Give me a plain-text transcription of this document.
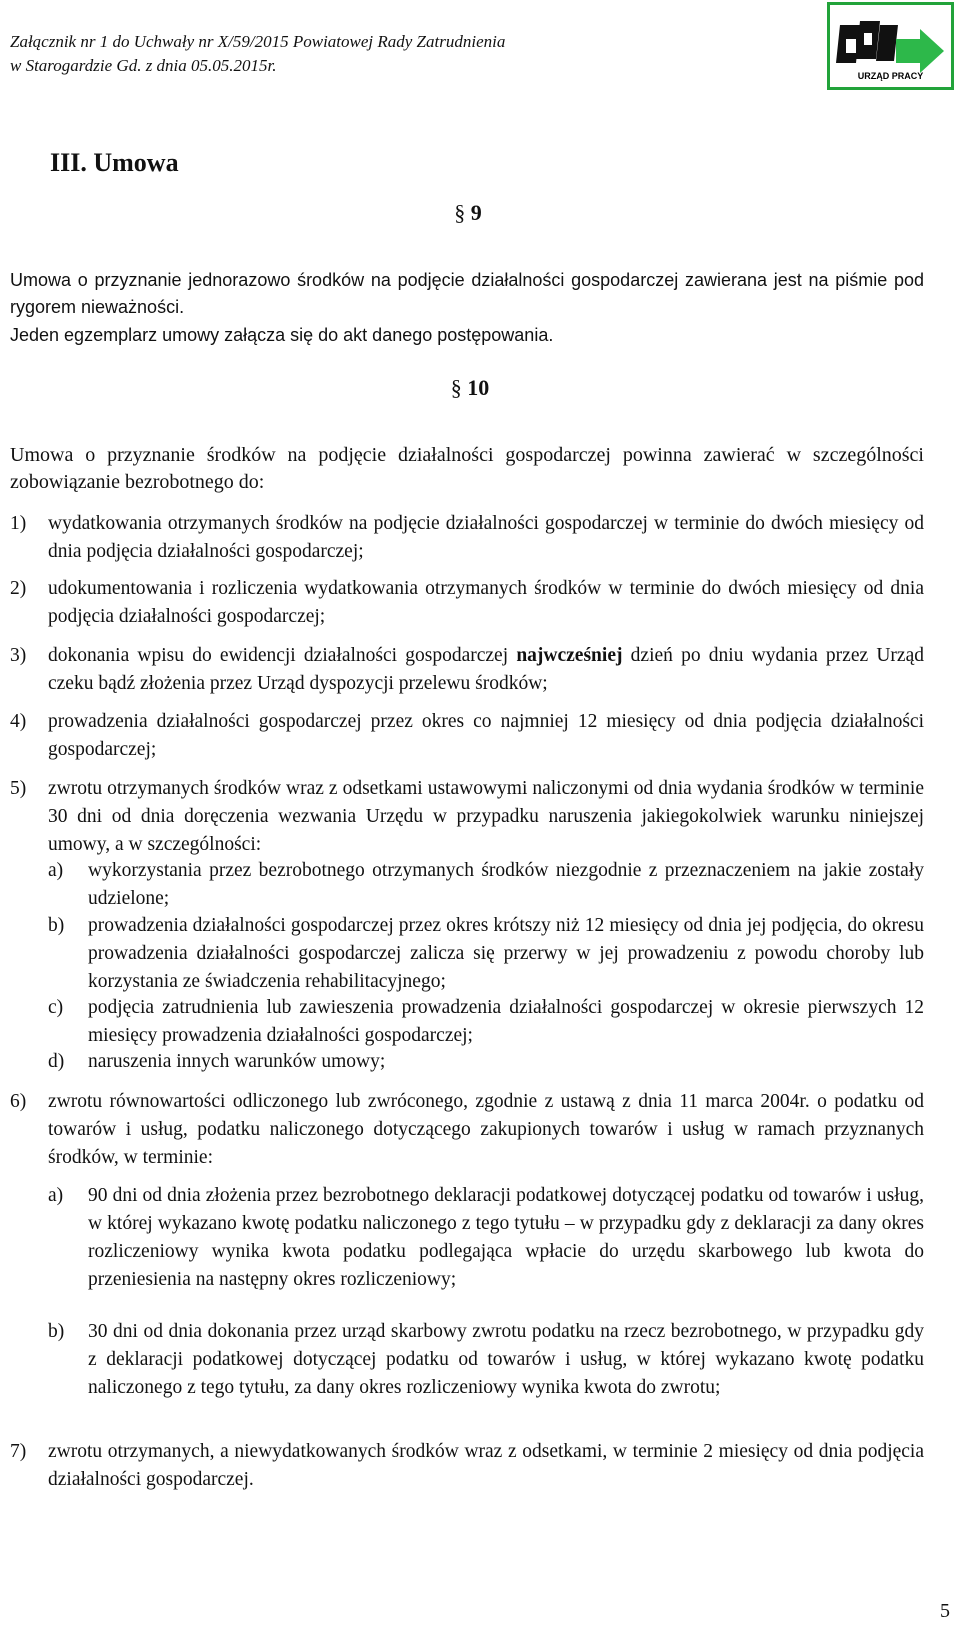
Załącznik nr 1 do Uchwały nr X/59/2015 Powiatowej Rady Zatrudnienia
w Starogardzie Gd. z dnia 05.05.2015r.
URZĄD PRACY
III. Umowa
§ 9
Umowa o przyznanie jednorazowo środków na podjęcie działalności gospodarczej zawierana jest na piśmie pod rygorem nieważności.
Jeden egzemplarz umowy załącza się do akt danego postępowania.
§ 10
Umowa o przyznanie środków na podjęcie działalności gospodarczej powinna zawierać w szczególności zobowiązanie bezrobotnego do:
1) wydatkowania otrzymanych środków na podjęcie działalności gospodarczej w terminie do dwóch miesięcy od dnia podjęcia działalności gospodarczej;
2) udokumentowania i rozliczenia wydatkowania otrzymanych środków w terminie do dwóch miesięcy od dnia podjęcia działalności gospodarczej;
3) dokonania wpisu do ewidencji działalności gospodarczej najwcześniej dzień po dniu wydania przez Urząd czeku bądź złożenia przez Urząd dyspozycji przelewu środków;
4) prowadzenia działalności gospodarczej przez okres co najmniej 12 miesięcy od dnia podjęcia działalności gospodarczej;
5) zwrotu otrzymanych środków wraz z odsetkami ustawowymi naliczonymi od dnia wydania środków w terminie 30 dni od dnia doręczenia wezwania Urzędu w przypadku naruszenia jakiegokolwiek warunku niniejszej umowy, a w szczególności:
a) wykorzystania przez bezrobotnego otrzymanych środków niezgodnie z przeznaczeniem na jakie zostały udzielone;
b) prowadzenia działalności gospodarczej przez okres krótszy niż 12 miesięcy od dnia jej podjęcia, do okresu prowadzenia działalności gospodarczej zalicza się przerwy w jej prowadzeniu z powodu choroby lub korzystania ze świadczenia rehabilitacyjnego;
c) podjęcia zatrudnienia lub zawieszenia prowadzenia działalności gospodarczej w okresie pierwszych 12 miesięcy prowadzenia działalności gospodarczej;
d) naruszenia innych warunków umowy;
6) zwrotu równowartości odliczonego lub zwróconego, zgodnie z ustawą z dnia 11 marca 2004r. o podatku od towarów i usług, podatku naliczonego dotyczącego zakupionych towarów i usług w ramach przyznanych środków, w terminie:
a) 90 dni od dnia złożenia przez bezrobotnego deklaracji podatkowej dotyczącej podatku od towarów i usług, w której wykazano kwotę podatku naliczonego z tego tytułu – w przypadku gdy z deklaracji za dany okres rozliczeniowy wynika kwota podatku podlegająca wpłacie do urzędu skarbowego lub kwota do przeniesienia na następny okres rozliczeniowy;
b) 30 dni od dnia dokonania przez urząd skarbowy zwrotu podatku na rzecz bezrobotnego, w przypadku gdy z deklaracji podatkowej dotyczącej podatku od towarów i usług, w której wykazano kwotę podatku naliczonego z tego tytułu, za dany okres rozliczeniowy wynika kwota do zwrotu;
7) zwrotu otrzymanych, a niewydatkowanych środków wraz z odsetkami, w terminie 2 miesięcy od dnia podjęcia działalności gospodarczej.
5
